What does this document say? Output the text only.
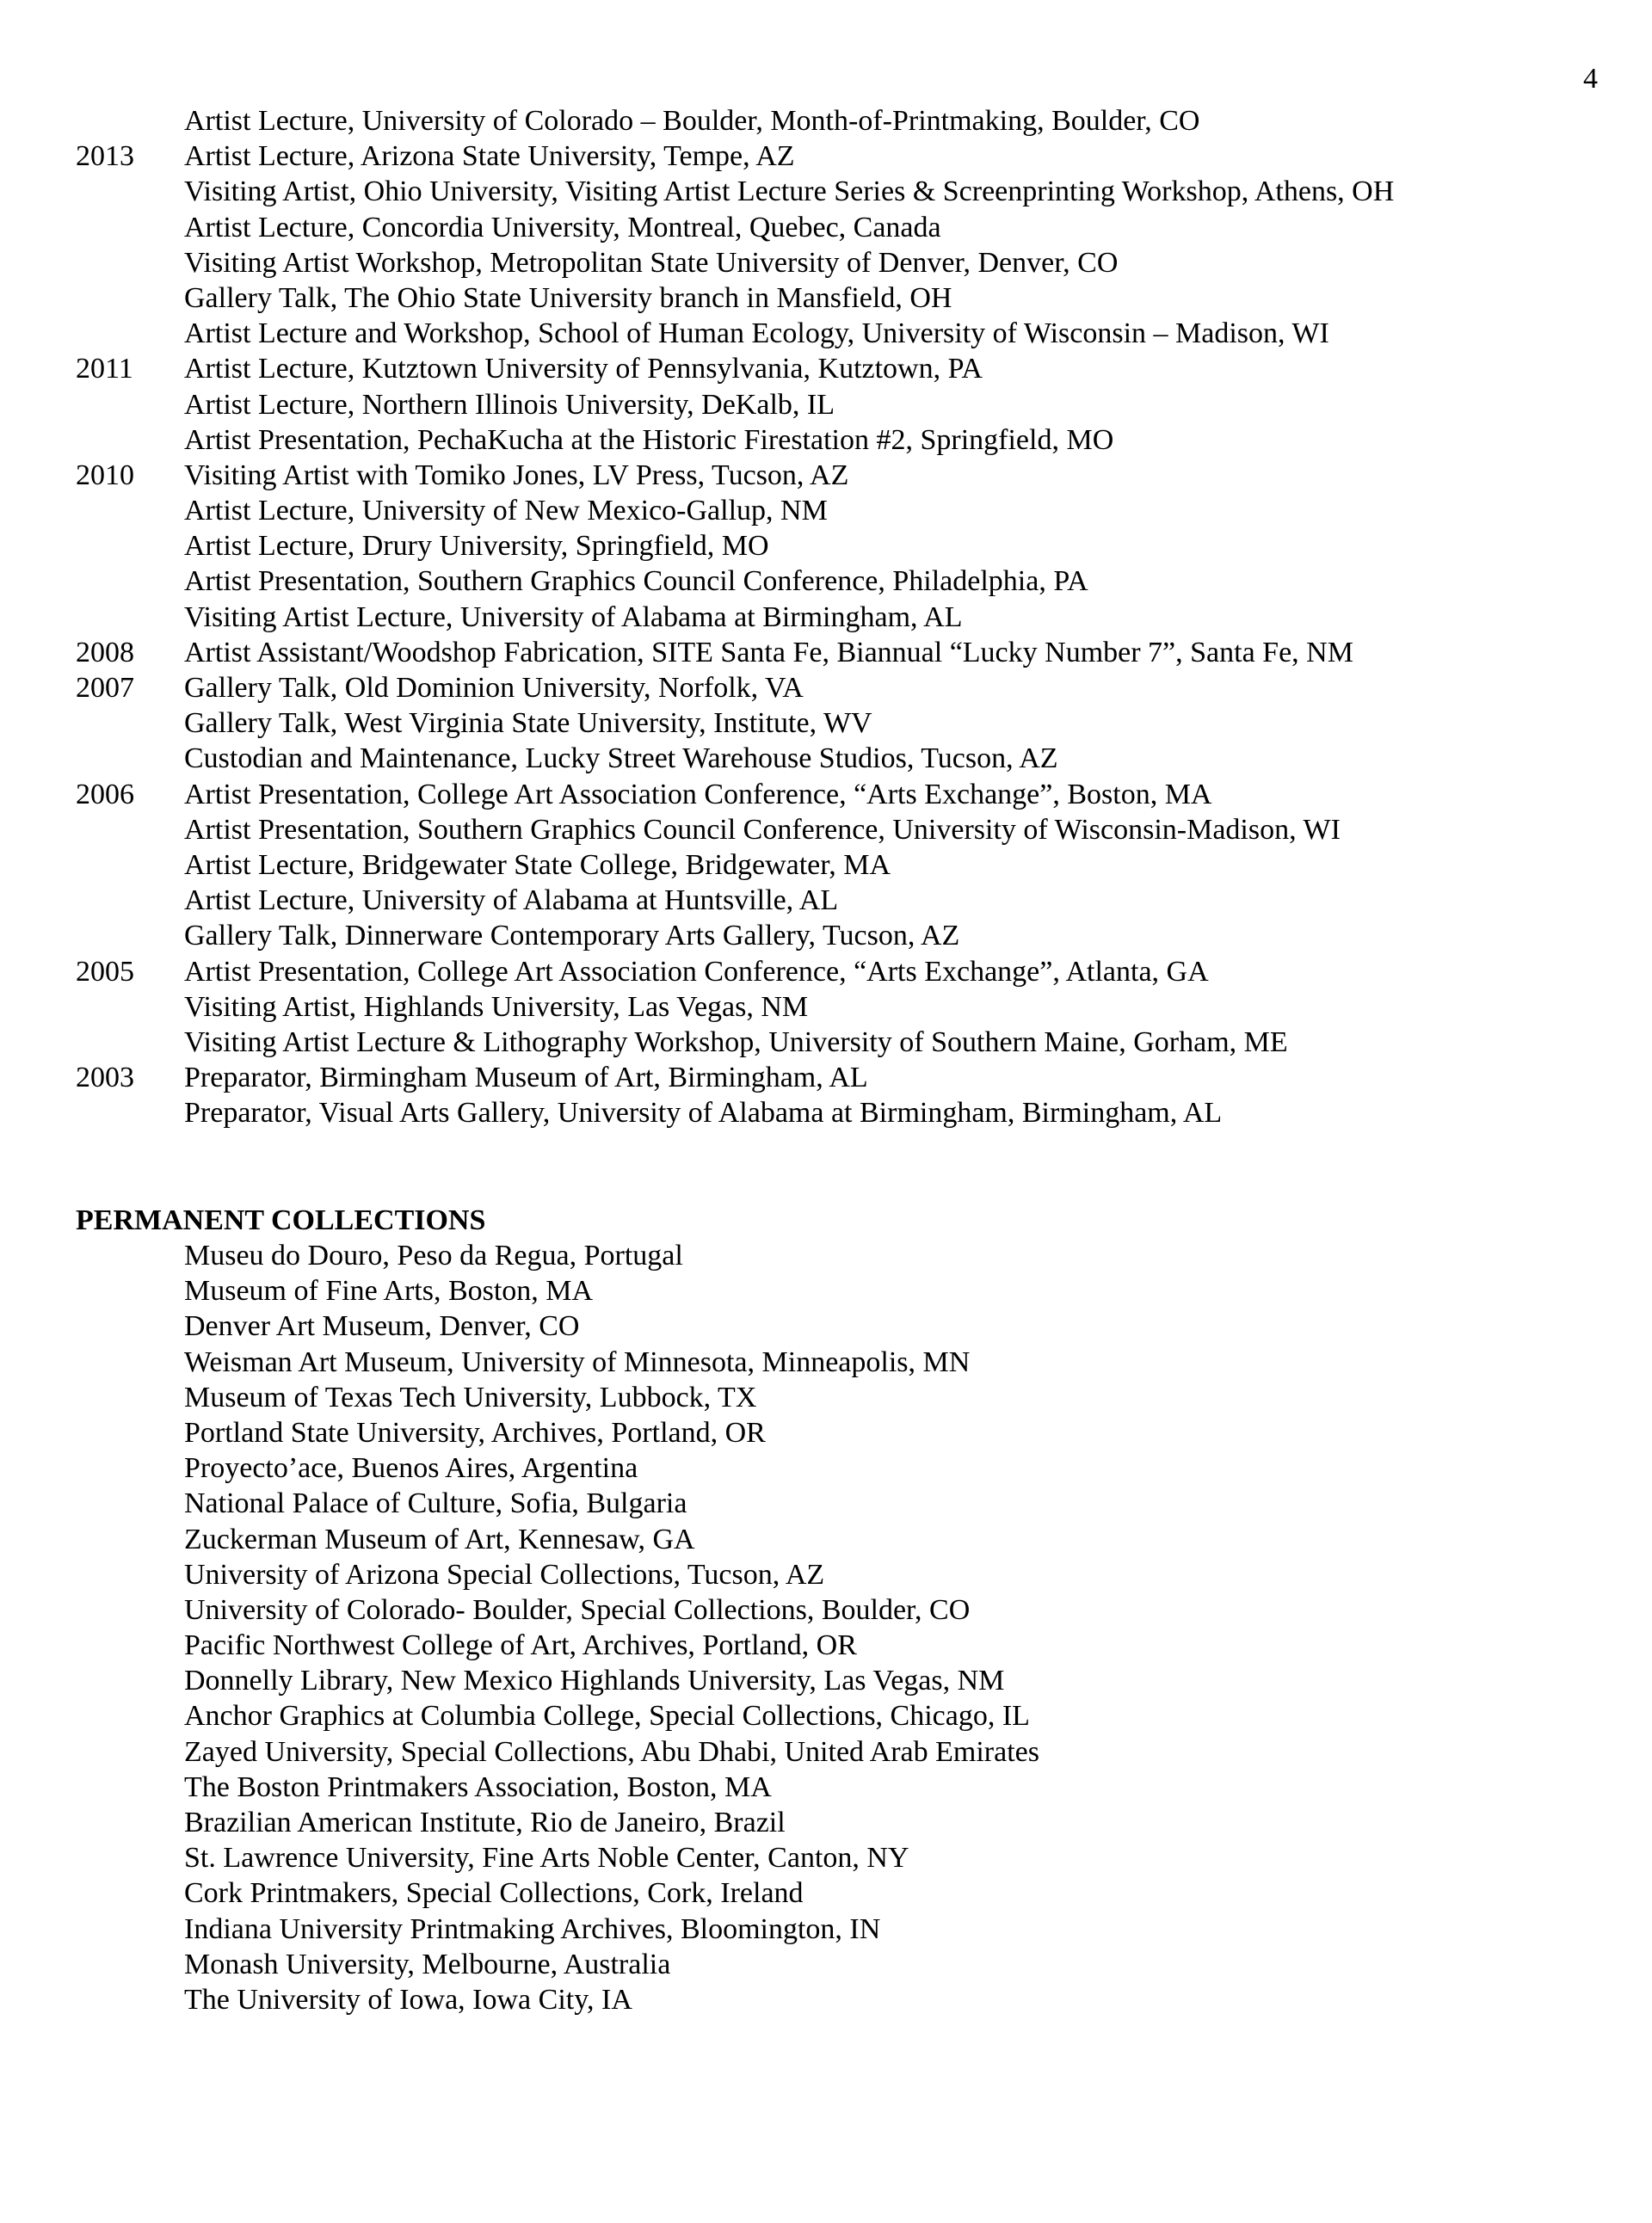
4
Artist Lecture, University of Colorado – Boulder, Month-of-Printmaking, Boulder, CO
2013	Artist Lecture, Arizona State University, Tempe, AZ
Visiting Artist, Ohio University, Visiting Artist Lecture Series & Screenprinting Workshop, Athens, OH
Artist Lecture, Concordia University, Montreal, Quebec, Canada
Visiting Artist Workshop, Metropolitan State University of Denver, Denver, CO
Gallery Talk, The Ohio State University branch in Mansfield, OH
Artist Lecture and Workshop, School of Human Ecology, University of Wisconsin – Madison, WI
2011	Artist Lecture, Kutztown University of Pennsylvania, Kutztown, PA
Artist Lecture, Northern Illinois University, DeKalb, IL
Artist Presentation, PechaKucha at the Historic Firestation #2, Springfield, MO
2010	Visiting Artist with Tomiko Jones, LV Press, Tucson, AZ
Artist Lecture, University of New Mexico-Gallup, NM
Artist Lecture, Drury University, Springfield, MO
Artist Presentation, Southern Graphics Council Conference, Philadelphia, PA
Visiting Artist Lecture, University of Alabama at Birmingham, AL
2008	Artist Assistant/Woodshop Fabrication, SITE Santa Fe, Biannual “Lucky Number 7”, Santa Fe, NM
2007	Gallery Talk, Old Dominion University, Norfolk, VA
Gallery Talk, West Virginia State University, Institute, WV
Custodian and Maintenance, Lucky Street Warehouse Studios, Tucson, AZ
2006	Artist Presentation, College Art Association Conference, “Arts Exchange”, Boston, MA
Artist Presentation, Southern Graphics Council Conference, University of Wisconsin-Madison, WI
Artist Lecture, Bridgewater State College, Bridgewater, MA
Artist Lecture, University of Alabama at Huntsville, AL
Gallery Talk, Dinnerware Contemporary Arts Gallery, Tucson, AZ
2005	Artist Presentation, College Art Association Conference, “Arts Exchange”, Atlanta, GA
Visiting Artist, Highlands University, Las Vegas, NM
Visiting Artist Lecture & Lithography Workshop, University of Southern Maine, Gorham, ME
2003	Preparator, Birmingham Museum of Art, Birmingham, AL
Preparator, Visual Arts Gallery, University of Alabama at Birmingham, Birmingham, AL
PERMANENT COLLECTIONS
Museu do Douro, Peso da Regua, Portugal
Museum of Fine Arts, Boston, MA
Denver Art Museum, Denver, CO
Weisman Art Museum, University of Minnesota, Minneapolis, MN
Museum of Texas Tech University, Lubbock, TX
Portland State University, Archives, Portland, OR
Proyecto’ace, Buenos Aires, Argentina
National Palace of Culture, Sofia, Bulgaria
Zuckerman Museum of Art, Kennesaw, GA
University of Arizona Special Collections, Tucson, AZ
University of Colorado- Boulder, Special Collections, Boulder, CO
Pacific Northwest College of Art, Archives, Portland, OR
Donnelly Library, New Mexico Highlands University, Las Vegas, NM
Anchor Graphics at Columbia College, Special Collections, Chicago, IL
Zayed University, Special Collections, Abu Dhabi, United Arab Emirates
The Boston Printmakers Association, Boston, MA
Brazilian American Institute, Rio de Janeiro, Brazil
St. Lawrence University, Fine Arts Noble Center, Canton, NY
Cork Printmakers, Special Collections, Cork, Ireland
Indiana University Printmaking Archives, Bloomington, IN
Monash University, Melbourne, Australia
The University of Iowa, Iowa City, IA
